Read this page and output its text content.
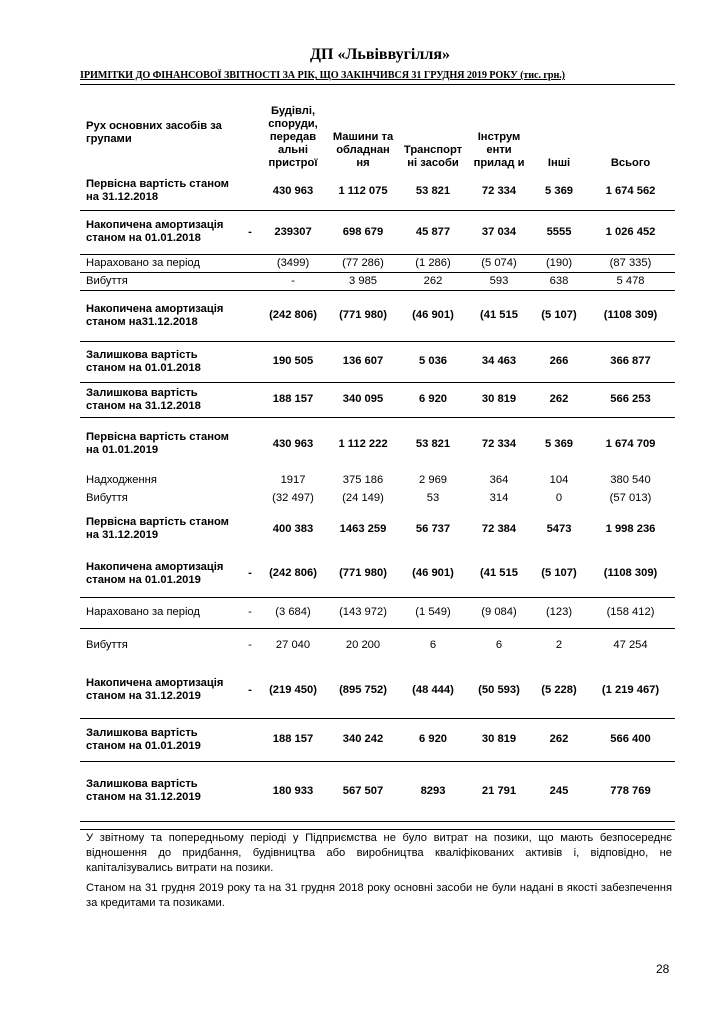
ДП «Львіввугілля»
ІРИМІТКИ ДО ФІНАНСОВОЇ ЗВІТНОСТІ ЗА РІК, ЩО ЗАКІНЧИВСЯ 31 ГРУДНЯ 2019 РОКУ (тис. грн.)
Рух основних засобів за групами		Будівлі, споруди, передав альні пристрої	Машини та обладнан ня	Транспорт ні засоби	Інструм енти прилад и	Інші	Всього
Первісна вартість станом на 31.12.2018		430 963	1 112 075	53 821	72 334	5 369	1 674 562
Накопичена амортизація станом на 01.01.2018	-	239307	698 679	45 877	37 034	5555	1 026 452
Нараховано за період		(3499)	(77 286)	(1 286)	(5 074)	(190)	(87 335)
Вибуття		-	3 985	262	593	638	5 478
Накопичена амортизація станом на31.12.2018		(242 806)	(771 980)	(46 901)	(41 515	(5 107)	(1108 309)
Залишкова вартість станом на 01.01.2018		190 505	136 607	5 036	34 463	266	366 877
Залишкова вартість станом на 31.12.2018		188 157	340 095	6 920	30 819	262	566 253
Первісна вартість станом на 01.01.2019		430 963	1 112 222	53 821	72 334	5 369	1 674 709
Надходження		1917	375 186	2 969	364	104	380 540
Вибуття		(32 497)	(24 149)	53	314	0	(57 013)
Первісна вартість станом на 31.12.2019		400 383	1463 259	56 737	72 384	5473	1 998 236
Накопичена амортизація станом на 01.01.2019	-	(242 806)	(771 980)	(46 901)	(41 515	(5 107)	(1108 309)
Нараховано за період	-	(3 684)	(143 972)	(1 549)	(9 084)	(123)	(158 412)
Вибуття	-	27 040	20 200	6	6	2	47 254
Накопичена амортизація станом на 31.12.2019	-	(219 450)	(895 752)	(48 444)	(50 593)	(5 228)	(1 219 467)
Залишкова вартість станом на 01.01.2019		188 157	340 242	6 920	30 819	262	566 400
Залишкова вартість станом на 31.12.2019		180 933	567 507	8293	21 791	245	778 769
У звітному та попередньому періоді у Підприємства не було витрат на позики, що мають безпосереднє відношення до придбання, будівництва або виробництва кваліфікованих активів і, відповідно, не капіталізувались витрати на позики.
Станом на 31 грудня 2019 року та на 31 грудня 2018 року основні засоби не були надані в якості забезпечення за кредитами та позиками.
28
